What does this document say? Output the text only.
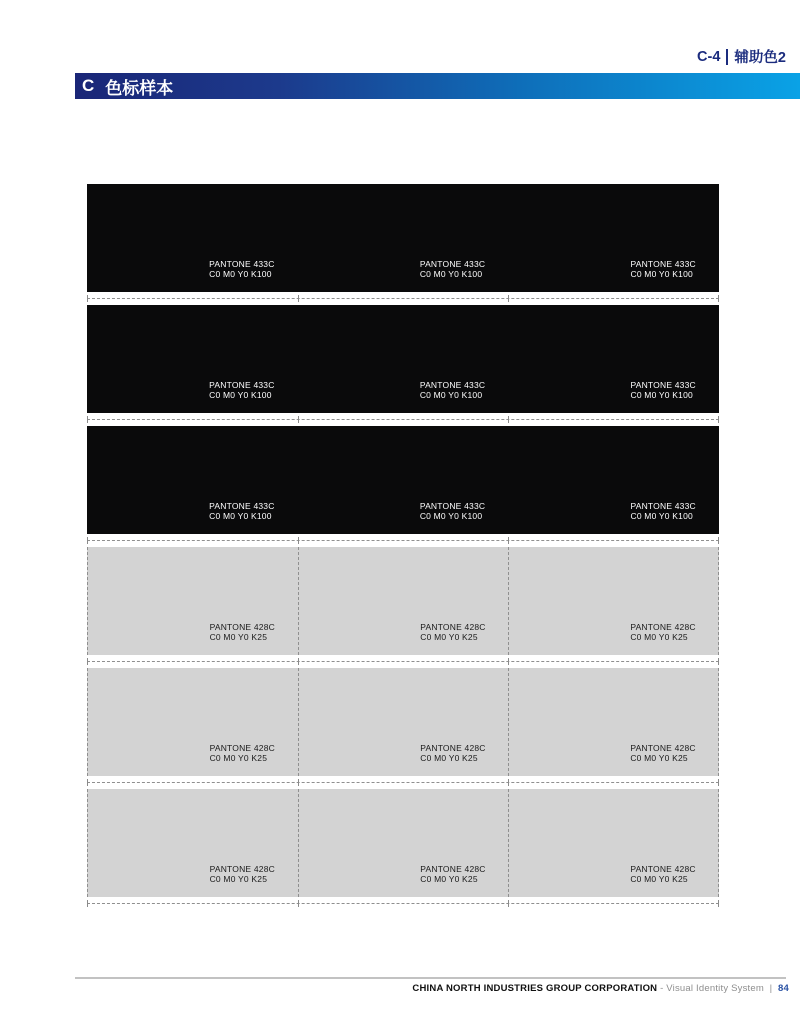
C-4 辅助色2
C 色标样本
PANTONE 433C
C0 M0 Y0 K100
PANTONE 433C
C0 M0 Y0 K100
PANTONE 433C
C0 M0 Y0 K100
PANTONE 433C
C0 M0 Y0 K100
PANTONE 433C
C0 M0 Y0 K100
PANTONE 433C
C0 M0 Y0 K100
PANTONE 433C
C0 M0 Y0 K100
PANTONE 433C
C0 M0 Y0 K100
PANTONE 433C
C0 M0 Y0 K100
PANTONE 428C
C0 M0 Y0 K25
PANTONE 428C
C0 M0 Y0 K25
PANTONE 428C
C0 M0 Y0 K25
PANTONE 428C
C0 M0 Y0 K25
PANTONE 428C
C0 M0 Y0 K25
PANTONE 428C
C0 M0 Y0 K25
PANTONE 428C
C0 M0 Y0 K25
PANTONE 428C
C0 M0 Y0 K25
PANTONE 428C
C0 M0 Y0 K25
CHINA NORTH INDUSTRIES GROUP CORPORATION - Visual Identity System | 84
